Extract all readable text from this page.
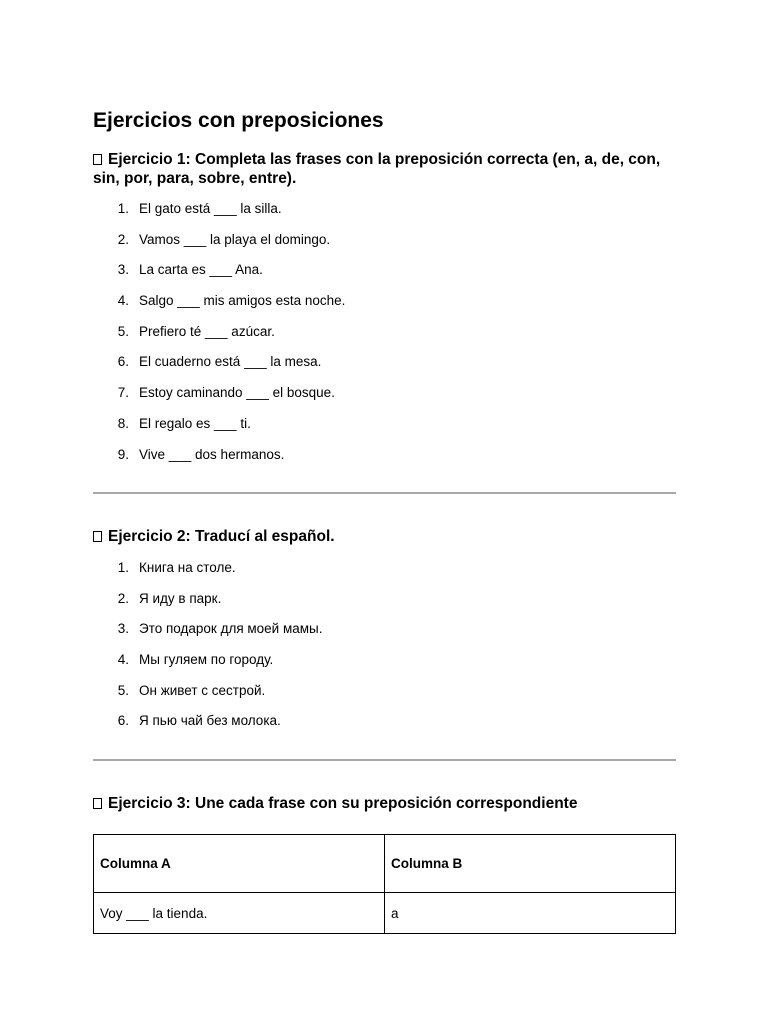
Ejercicios con preposiciones

Ejercicio 1: Completa las frases con la preposición correcta (en, a, de, con, sin, por, para, sobre, entre).

1. El gato está ___ la silla.
2. Vamos ___ la playa el domingo.
3. La carta es ___ Ana.
4. Salgo ___ mis amigos esta noche.
5. Prefiero té ___ azúcar.
6. El cuaderno está ___ la mesa.
7. Estoy caminando ___ el bosque.
8. El regalo es ___ ti.
9. Vive ___ dos hermanos.

Ejercicio 2: Traducí al español.

1. Книга на столе.
2. Я иду в парк.
3. Это подарок для моей мамы.
4. Мы гуляем по городу.
5. Он живет с сестрой.
6. Я пью чай без молока.

Ejercicio 3: Une cada frase con su preposición correspondiente

Columna A	Columna B
Voy ___ la tienda.	a
